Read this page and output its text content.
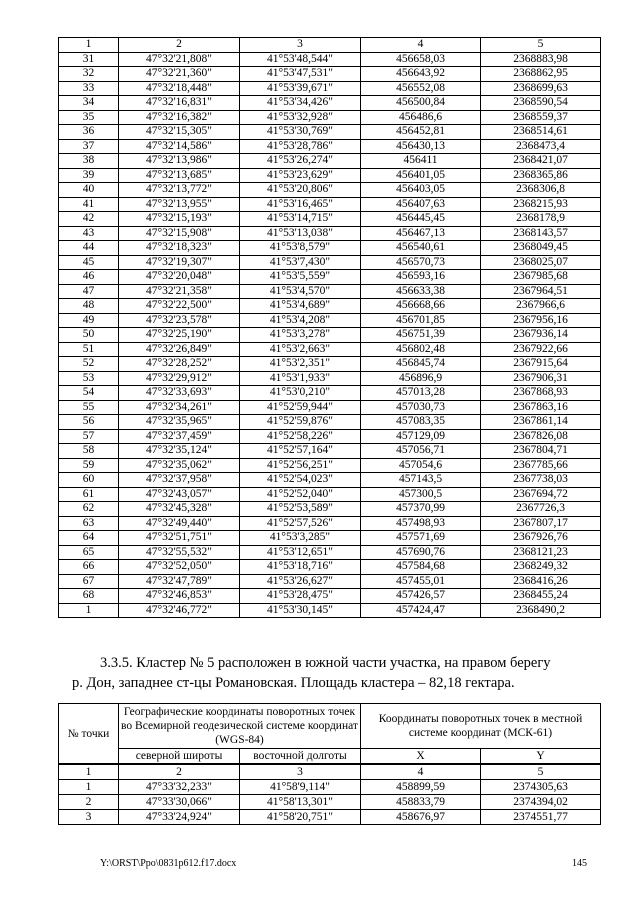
1	2	3	4	5
31	47°32'21,808"	41°53'48,544"	456658,03	2368883,98
32	47°32'21,360"	41°53'47,531"	456643,92	2368862,95
33	47°32'18,448"	41°53'39,671"	456552,08	2368699,63
34	47°32'16,831"	41°53'34,426"	456500,84	2368590,54
35	47°32'16,382"	41°53'32,928"	456486,6	2368559,37
36	47°32'15,305"	41°53'30,769"	456452,81	2368514,61
37	47°32'14,586"	41°53'28,786"	456430,13	2368473,4
38	47°32'13,986"	41°53'26,274"	456411	2368421,07
39	47°32'13,685"	41°53'23,629"	456401,05	2368365,86
40	47°32'13,772"	41°53'20,806"	456403,05	2368306,8
41	47°32'13,955"	41°53'16,465"	456407,63	2368215,93
42	47°32'15,193"	41°53'14,715"	456445,45	2368178,9
43	47°32'15,908"	41°53'13,038"	456467,13	2368143,57
44	47°32'18,323"	41°53'8,579"	456540,61	2368049,45
45	47°32'19,307"	41°53'7,430"	456570,73	2368025,07
46	47°32'20,048"	41°53'5,559"	456593,16	2367985,68
47	47°32'21,358"	41°53'4,570"	456633,38	2367964,51
48	47°32'22,500"	41°53'4,689"	456668,66	2367966,6
49	47°32'23,578"	41°53'4,208"	456701,85	2367956,16
50	47°32'25,190"	41°53'3,278"	456751,39	2367936,14
51	47°32'26,849"	41°53'2,663"	456802,48	2367922,66
52	47°32'28,252"	41°53'2,351"	456845,74	2367915,64
53	47°32'29,912"	41°53'1,933"	456896,9	2367906,31
54	47°32'33,693"	41°53'0,210"	457013,28	2367868,93
55	47°32'34,261"	41°52'59,944"	457030,73	2367863,16
56	47°32'35,965"	41°52'59,876"	457083,35	2367861,14
57	47°32'37,459"	41°52'58,226"	457129,09	2367826,08
58	47°32'35,124"	41°52'57,164"	457056,71	2367804,71
59	47°32'35,062"	41°52'56,251"	457054,6	2367785,66
60	47°32'37,958"	41°52'54,023"	457143,5	2367738,03
61	47°32'43,057"	41°52'52,040"	457300,5	2367694,72
62	47°32'45,328"	41°52'53,589"	457370,99	2367726,3
63	47°32'49,440"	41°52'57,526"	457498,93	2367807,17
64	47°32'51,751"	41°53'3,285"	457571,69	2367926,76
65	47°32'55,532"	41°53'12,651"	457690,76	2368121,23
66	47°32'52,050"	41°53'18,716"	457584,68	2368249,32
67	47°32'47,789"	41°53'26,627"	457455,01	2368416,26
68	47°32'46,853"	41°53'28,475"	457426,57	2368455,24
1	47°32'46,772"	41°53'30,145"	457424,47	2368490,2
3.3.5. Кластер № 5 расположен в южной части участка, на правом берегу
р. Дон, западнее ст-цы Романовская. Площадь кластера – 82,18 гектара.
№ точки	Географические координаты поворотных точек во Всемирной геодезической системе координат (WGS-84)		Координаты поворотных точек в местной системе координат (МСК-61)	
	северной широты	восточной долготы	X	Y
1	2	3	4	5
1	47°33'32,233"	41°58'9,114"	458899,59	2374305,63
2	47°33'30,066"	41°58'13,301"	458833,79	2374394,02
3	47°33'24,924"	41°58'20,751"	458676,97	2374551,77
Y:\ORST\Ppo\0831p612.f17.docx	145
